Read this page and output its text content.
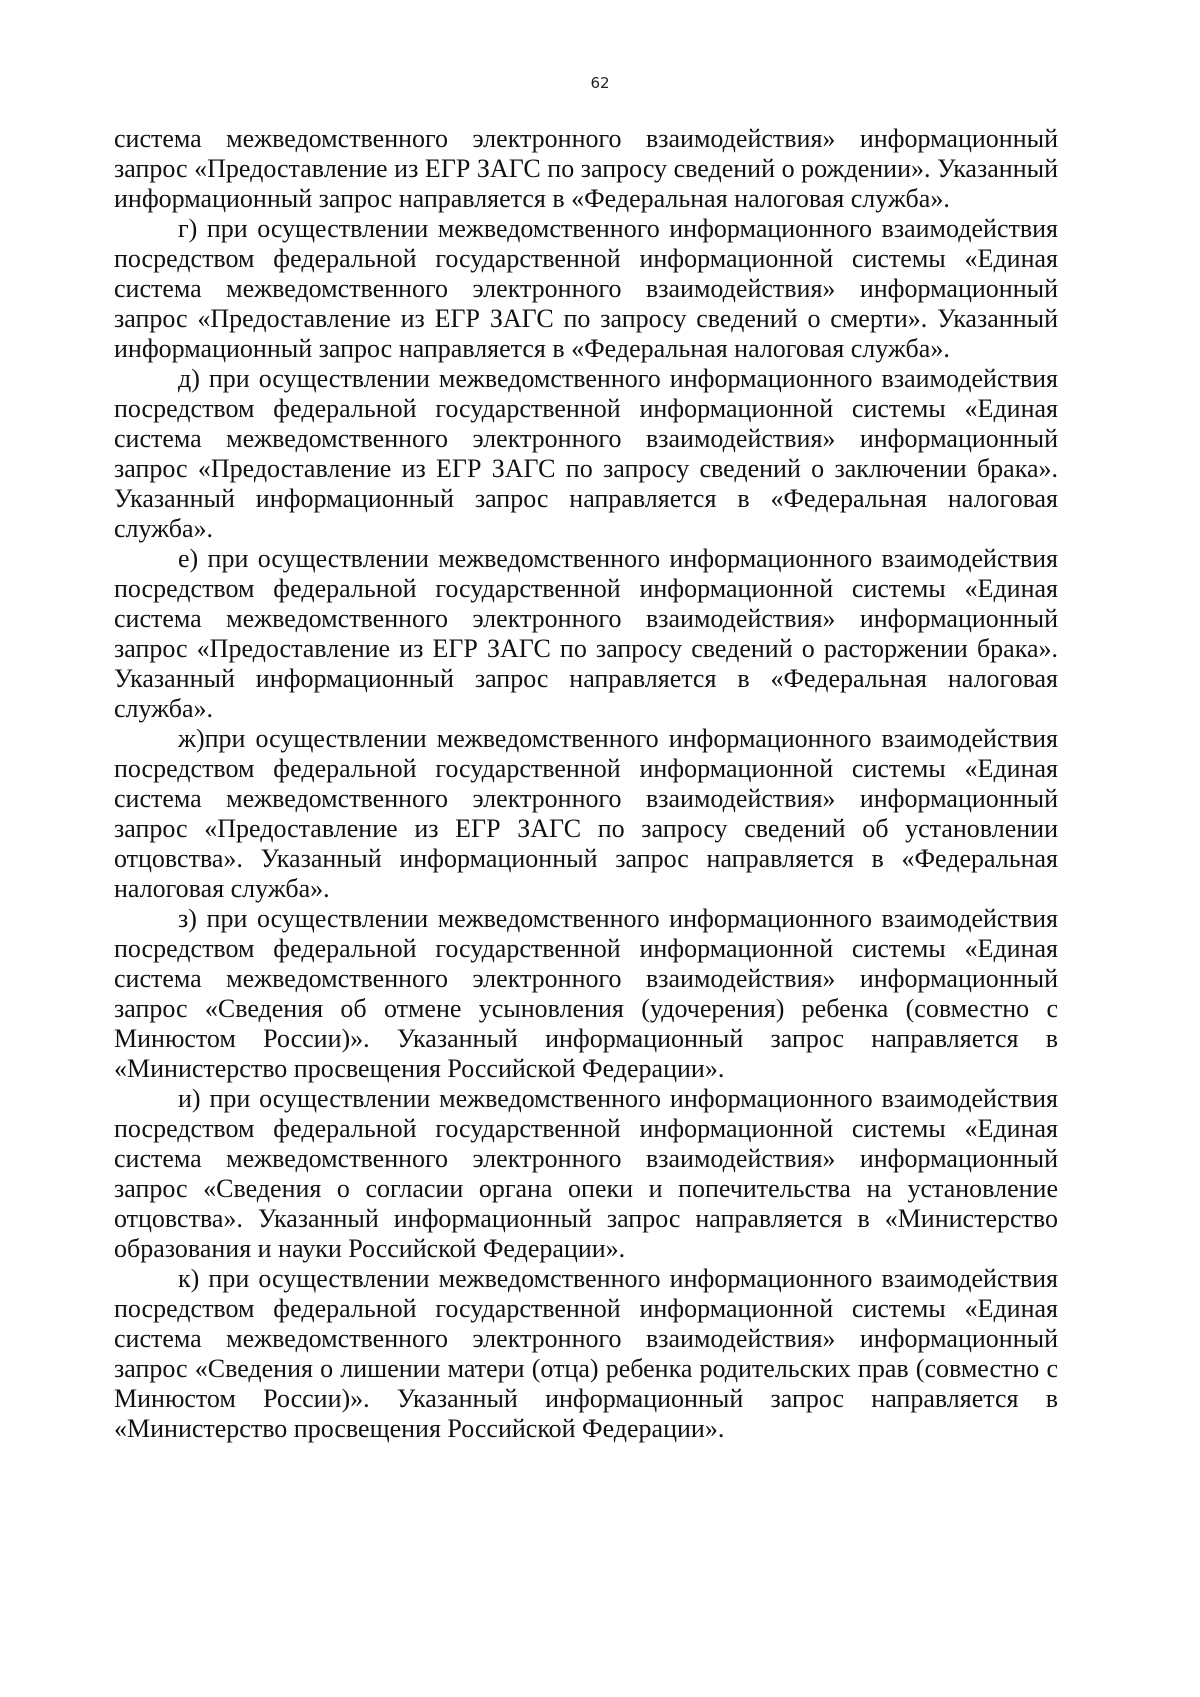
62

система межведомственного электронного взаимодействия» информационный запрос «Предоставление из ЕГР ЗАГС по запросу сведений о рождении». Указанный информационный запрос направляется в «Федеральная налоговая служба».

г) при осуществлении межведомственного информационного взаимодействия посредством федеральной государственной информационной системы «Единая система межведомственного электронного взаимодействия» информационный запрос «Предоставление из ЕГР ЗАГС по запросу сведений о смерти». Указанный информационный запрос направляется в «Федеральная налоговая служба».

д) при осуществлении межведомственного информационного взаимодействия посредством федеральной государственной информационной системы «Единая система межведомственного электронного взаимодействия» информационный запрос «Предоставление из ЕГР ЗАГС по запросу сведений о заключении брака». Указанный информационный запрос направляется в «Федеральная налоговая служба».

е) при осуществлении межведомственного информационного взаимодействия посредством федеральной государственной информационной системы «Единая система межведомственного электронного взаимодействия» информационный запрос «Предоставление из ЕГР ЗАГС по запросу сведений о расторжении брака». Указанный информационный запрос направляется в «Федеральная налоговая служба».

ж)при осуществлении межведомственного информационного взаимодействия посредством федеральной государственной информационной системы «Единая система межведомственного электронного взаимодействия» информационный запрос «Предоставление из ЕГР ЗАГС по запросу сведений об установлении отцовства». Указанный информационный запрос направляется в «Федеральная налоговая служба».

з) при осуществлении межведомственного информационного взаимодействия посредством федеральной государственной информационной системы «Единая система межведомственного электронного взаимодействия» информационный запрос «Сведения об отмене усыновления (удочерения) ребенка (совместно с Минюстом России)». Указанный информационный запрос направляется в «Министерство просвещения Российской Федерации».

и) при осуществлении межведомственного информационного взаимодействия посредством федеральной государственной информационной системы «Единая система межведомственного электронного взаимодействия» информационный запрос «Сведения о согласии органа опеки и попечительства на установление отцовства». Указанный информационный запрос направляется в «Министерство образования и науки Российской Федерации».

к) при осуществлении межведомственного информационного взаимодействия посредством федеральной государственной информационной системы «Единая система межведомственного электронного взаимодействия» информационный запрос «Сведения о лишении матери (отца) ребенка родительских прав (совместно с Минюстом России)». Указанный информационный запрос направляется в «Министерство просвещения Российской Федерации».
